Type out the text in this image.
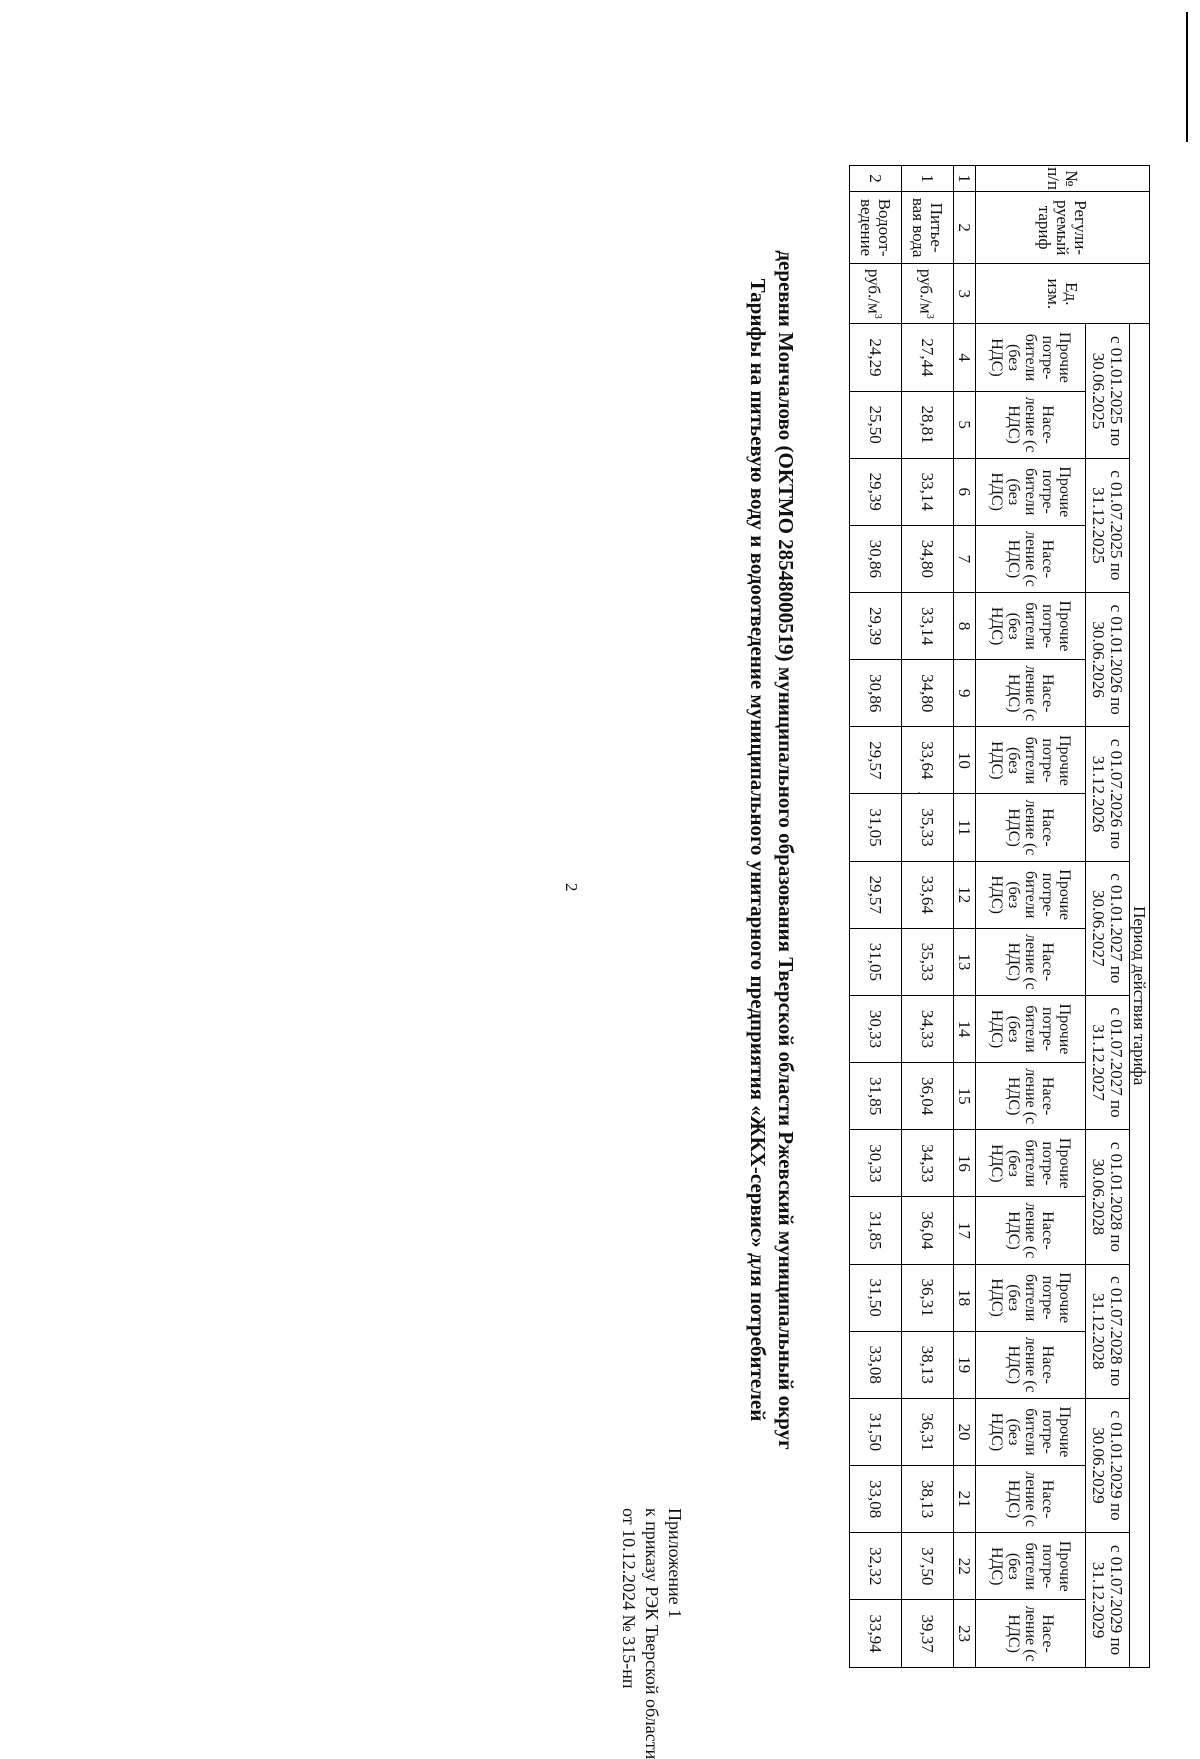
2
Приложение 1
к приказу РЭК Тверской области
от 10.12.2024 № 315-нп
Тарифы на питьевую воду и водоотведение муниципального унитарного предприятия «ЖКХ-сервис» для потребителей деревни Мончалово (ОКТМО 28548000519) муниципального образования Тверской области Ржевский муниципальный округ
№ п/п	Регули-руемый тариф	Ед. изм.	Период действия тарифа																			
			с 01.01.2025 по 30.06.2025		с 01.07.2025 по 31.12.2025		с 01.01.2026 по 30.06.2026		с 01.07.2026 по 31.12.2026		с 01.01.2027 по 30.06.2027		с 01.07.2027 по 31.12.2027		с 01.01.2028 по 30.06.2028		с 01.07.2028 по 31.12.2028		с 01.01.2029 по 30.06.2029		с 01.07.2029 по 31.12.2029	
			Прочие потре-бители (без НДС)	Насе-ление (с НДС)	Прочие потре-бители (без НДС)	Насе-ление (с НДС)	Прочие потре-бители (без НДС)	Насе-ление (с НДС)	Прочие потре-бители (без НДС)	Насе-ление (с НДС)	Прочие потре-бители (без НДС)	Насе-ление (с НДС)	Прочие потре-бители (без НДС)	Насе-ление (с НДС)	Прочие потре-бители (без НДС)	Насе-ление (с НДС)	Прочие потре-бители (без НДС)	Насе-ление (с НДС)	Прочие потре-бители (без НДС)	Насе-ление (с НДС)	Прочие потре-бители (без НДС)	Насе-ление (с НДС)
1	2	3	4	5	6	7	8	9	10	11	12	13	14	15	16	17	18	19	20	21	22	23
1	Питье-вая вода	$руб./м^3$	27,44	28,81	33,14	34,80	33,14	34,80	33,64	35,33	33,64	35,33	34,33	36,04	34,33	36,04	36,31	38,13	36,31	38,13	37,50	39,37
2	Водоот-ведение	$руб./м^3$	24,29	25,50	29,39	30,86	29,39	30,86	29,57	31,05	29,57	31,05	30,33	31,85	30,33	31,85	31,50	33,08	31,50	33,08	32,32	33,94
